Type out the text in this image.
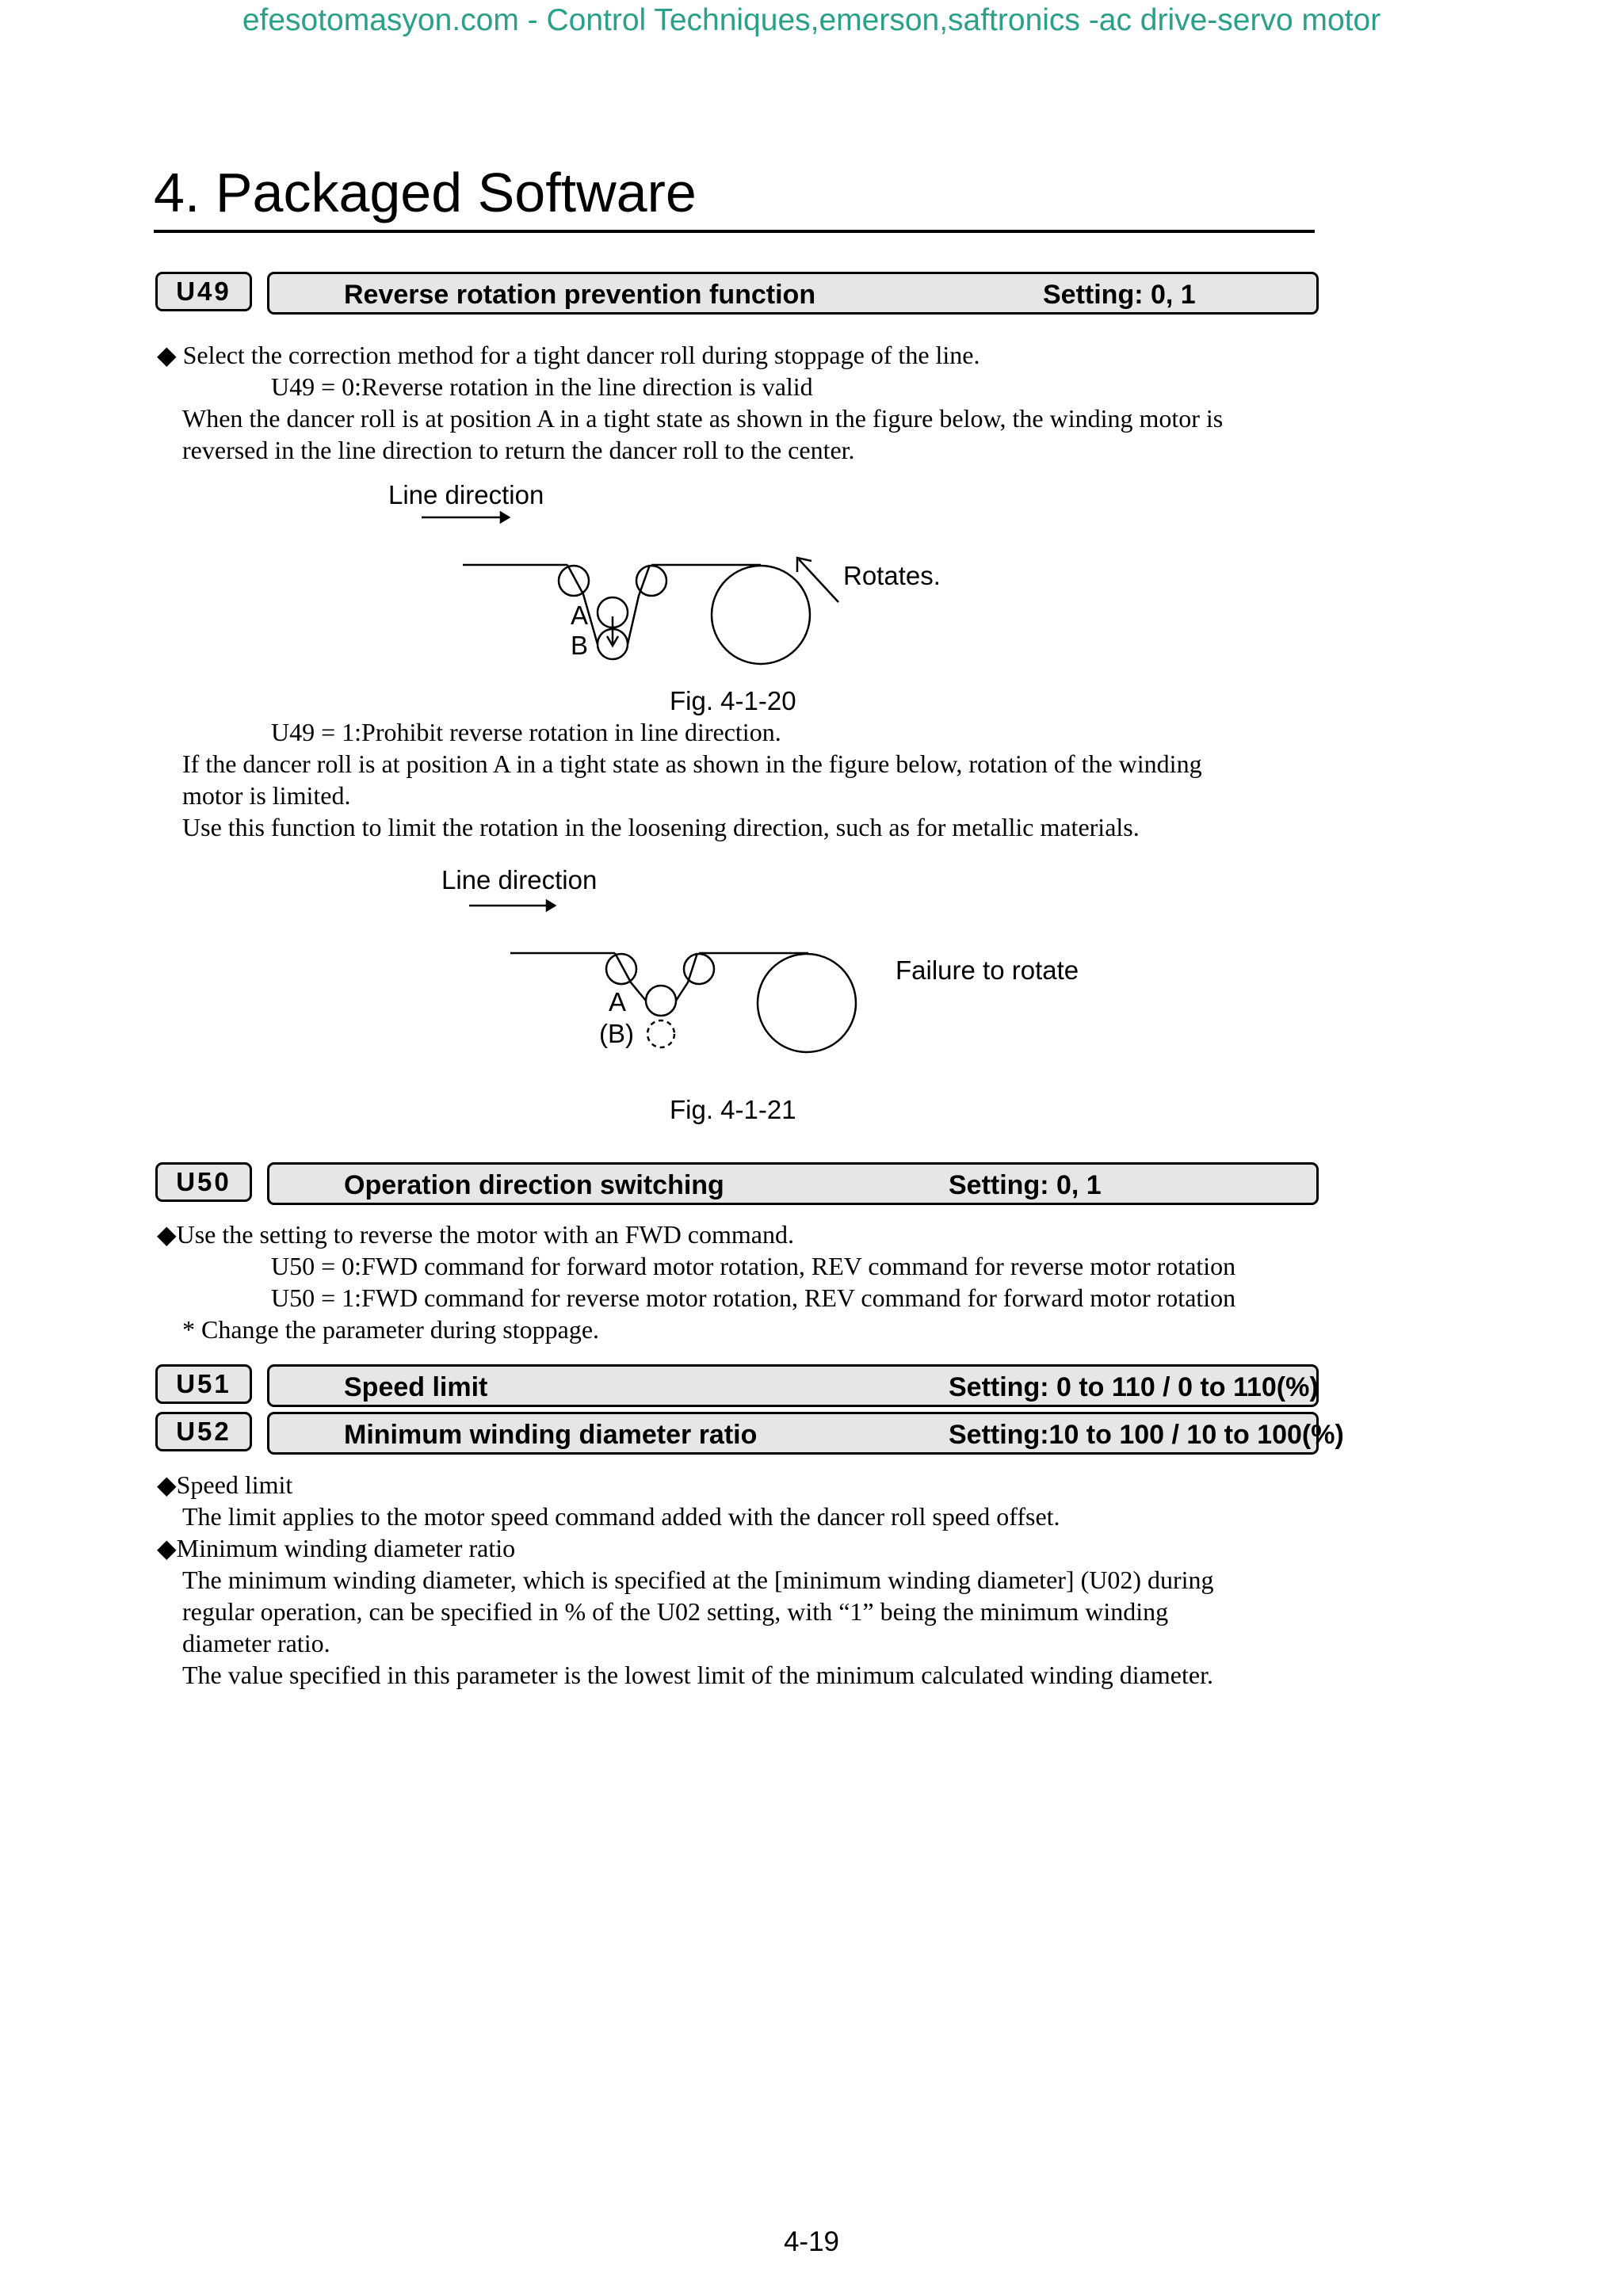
efesotomasyon.com - Control Techniques,emerson,saftronics -ac drive-servo motor
4. Packaged Software
U49	Reverse rotation prevention function	Setting: 0, 1
◆ Select the correction method for a tight dancer roll during stoppage of the line.
U49 = 0:Reverse rotation in the line direction is valid
When the dancer roll is at position A in a tight state as shown in the figure below, the winding motor is
reversed in the line direction to return the dancer roll to the center.
Line direction
Rotates.
A
B
Fig. 4-1-20
U49 = 1:Prohibit reverse rotation in line direction.
If the dancer roll is at position A in a tight state as shown in the figure below, rotation of the winding
motor is limited.
Use this function to limit the rotation in the loosening direction, such as for metallic materials.
Line direction
Failure to rotate
A
(B)
Fig. 4-1-21
U50	Operation direction switching	Setting: 0, 1
◆Use the setting to reverse the motor with an FWD command.
U50 = 0:FWD command for forward motor rotation, REV command for reverse motor rotation
U50 = 1:FWD command for reverse motor rotation, REV command for forward motor rotation
* Change the parameter during stoppage.
U51	Speed limit	Setting: 0 to 110 / 0 to 110(%)
U52	Minimum winding diameter ratio	Setting:10 to 100 / 10 to 100(%)
◆Speed limit
The limit applies to the motor speed command added with the dancer roll speed offset.
◆Minimum winding diameter ratio
The minimum winding diameter, which is specified at the [minimum winding diameter] (U02) during
regular operation, can be specified in % of the U02 setting, with “1” being the minimum winding
diameter ratio.
The value specified in this parameter is the lowest limit of the minimum calculated winding diameter.
4-19
